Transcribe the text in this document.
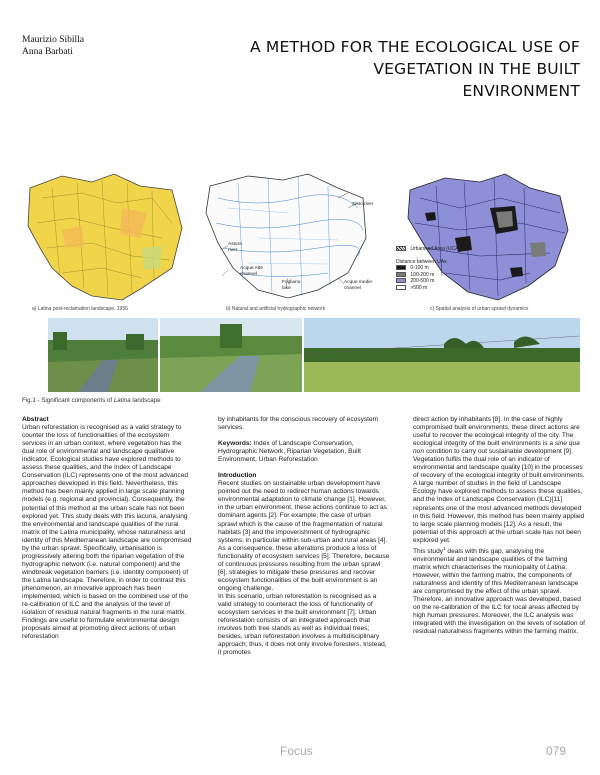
Maurizio Sibilla
Anna Barbati	A METHOD FOR THE ECOLOGICAL USE OF
VEGETATION IN THE BUILT
ENVIRONMENT
a) Latina post-reclamation landscape, 1956
Sisto river
Astura river
Acque Alte channel
Fogliano lake
Acque medie channel
b) Natural and artificial hydrographic network	c) Spatial analysis of urban sprawl dynamics
Urbanised Area (UCA)
Distance between UAs
0-100 m
100-200 m
200-500 m
>500 m
Fig.1 - Significant components of Latina landscape

Abstract

Urban reforestation is recognised as a valid strategy to counter the loss of functionalities of the ecosystem services in an urban context, where vegetation has the dual role of environmental and landscape qualitative indicator. Ecological studies have explored methods to assess these qualities, and the Index of Landscape Conservation (ILC) represents one of the most advanced approaches developed in this field. Nevertheless, this method has been mainly applied in large scale planning models (e.g. regional and provincial). Consequently, the potential of this method at the urban scale has not been explored yet. This study deals with this lacuna, analysing the environmental and landscape qualities of the rural matrix of the Latina municipality, whose naturalness and identity of this Mediterranean landscape are compromised by the urban sprawl. Specifically, urbanisation is progressively altering both the riparian vegetation of the hydrographic network (i.e. natural component) and the windbreak vegetation barriers (i.e. identity component) of the Latina landscape. Therefore, in order to contrast this phenomenon, an innovative approach has been implemented, which is based on the combined use of the re-calibration of ILC and the analysis of the level of isolation of residual natural fragments in the rural matrix. Findings are useful to formulate environmental design proposals aimed at promoting direct actions of urban reforestation

by inhabitants for the conscious recovery of ecosystem services.

Keywords: Index of Landscape Conservation, Hydrographic Network, Riparian Vegetation, Built Environment, Urban Reforestation

Introduction

Recent studies on sustainable urban development have pointed out the need to redirect human actions towards environmental adaptation to climate change [1]. However, in the urban environment, these actions continue to act as dominant agents [2]. For example, the case of urban sprawl which is the cause of the fragmentation of natural habitats [3] and the impoverishment of hydrographic systems, in particular within sub-urban and rural areas [4].

As a consequence, these alterations produce a loss of functionality of ecosystem services [5]. Therefore, because of continuous pressures resulting from the urban sprawl [6], strategies to mitigate these pressures and recover ecosystem functionalities of the built environment is an ongoing challenge.

In this scenario, urban reforestation is recognised as a valid strategy to counteract the loss of functionality of ecosystem services in the built environment [7]. Urban reforestation consists of an integrated approach that involves both tree stands as well as individual trees; besides, urban reforestation involves a multidisciplinary approach; thus, it does not only involve foresters. Instead, it promotes

direct action by inhabitants [8]. In the case of highly compromised built environments, these direct actions are useful to recover the ecological integrity of the city. The ecological integrity of the built environments is a sine qua non condition to carry out sustainable development [9]. Vegetation fulfils the dual role of an indicator of environmental and landscape quality [10] in the processes of recovery of the ecological integrity of built environments.

A large number of studies in the field of Landscape Ecology have explored methods to assess these qualities, and the Index of Landscape Conservation (ILC)[11] represents one of the most advanced methods developed in this field. However, this method has been mainly applied to large scale planning models [12]. As a result, the potential of this approach at the urban scale has not been explored yet.

This study$^1$ deals with this gap, analysing the environmental and landscape qualities of the farming matrix which characterises the municipality of Latina. However, within the farming matrix, the components of naturalness and identity of this Mediterranean landscape are compromised by the effect of the urban sprawl.

Therefore, an innovative approach was developed, based on the re-calibration of the ILC for local areas affected by high human pressures. Moreover, the ILC analysis was integrated with the investigation on the levels of isolation of residual naturalness fragments within the farming matrix.

Focus	079
